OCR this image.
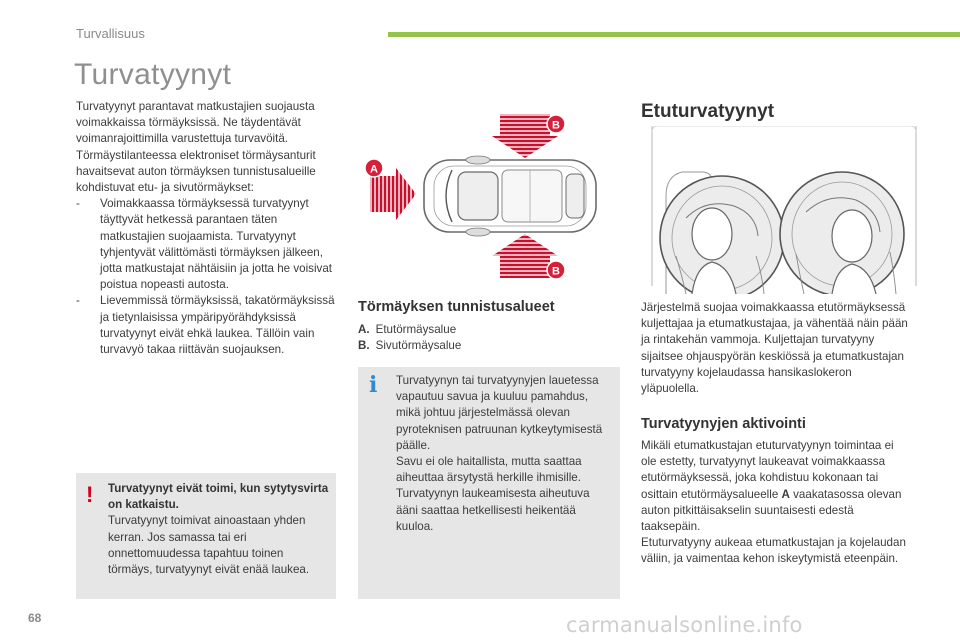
Turvallisuus
Turvatyynyt

Turvatyynyt parantavat matkustajien suojausta voimakkaissa törmäyksissä. Ne täydentävät voimanrajoittimilla varustettuja turvavöitä. Törmäystilanteessa elektroniset törmäysanturit havaitsevat auton törmäyksen tunnistusalueille kohdistuvat etu- ja sivutörmäykset:

-	Voimakkaassa törmäyksessä turvatyynyt täyttyvät hetkessä parantaen täten matkustajien suojaamista. Turvatyynyt tyhjentyvät välittömästi törmäyksen jälkeen, jotta matkustajat nähtäisiin ja jotta he voisivat poistua nopeasti autosta.
-	Lievemmissä törmäyksissä, takatörmäyksissä ja tietynlaisissa ympäripyörähdyksissä turvatyynyt eivät ehkä laukea. Tällöin vain turvavyö takaa riittävän suojauksen.
! Turvatyynyt eivät toimi, kun sytytysvirta on katkaistu.
Turvatyynyt toimivat ainoastaan yhden kerran. Jos samassa tai eri onnettomuudessa tapahtuu toinen törmäys, turvatyynyt eivät enää laukea.
B
A
B
Törmäyksen tunnistusalueet
A. Etutörmäysalue
B. Sivutörmäysalue
i Turvatyynyn tai turvatyynyjen lauetessa vapautuu savua ja kuuluu pamahdus, mikä johtuu järjestelmässä olevan pyroteknisen patruunan kytkeytymisestä päälle.
Savu ei ole haitallista, mutta saattaa aiheuttaa ärsytystä herkille ihmisille. Turvatyynyn laukeamisesta aiheutuva ääni saattaa hetkellisesti heikentää kuuloa.
Etuturvatyynyt
Järjestelmä suojaa voimakkaassa etutörmäyksessä kuljettajaa ja etumatkustajaa, ja vähentää näin pään ja rintakehän vammoja. Kuljettajan turvatyyny sijaitsee ohjauspyörän keskiössä ja etumatkustajan turvatyyny kojelaudassa hansikaslokeron yläpuolella.
Turvatyynyjen aktivointi
Mikäli etumatkustajan etuturvatyynyn toimintaa ei ole estetty, turvatyynyt laukeavat voimakkaassa etutörmäyksessä, joka kohdistuu kokonaan tai osittain etutörmäysalueelle A vaakatasossa olevan auton pitkittäisakselin suuntaisesti edestä taaksepäin.
Etuturvatyyny aukeaa etumatkustajan ja kojelaudan väliin, ja vaimentaa kehon iskeytymistä eteenpäin.
68	carmanualsonline.info
